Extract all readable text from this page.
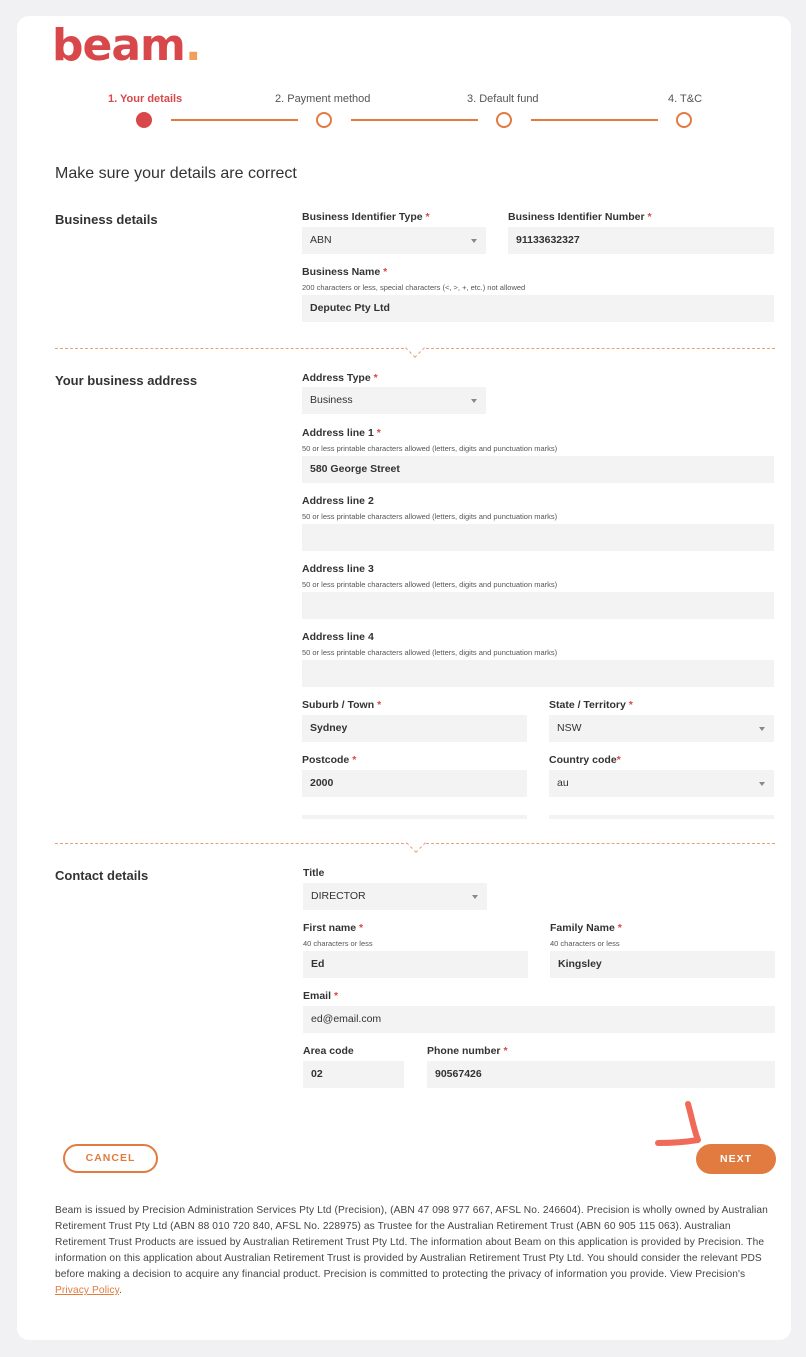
beam.
1. Your details	2. Payment method	3. Default fund	4. T&C
Make sure your details are correct
Business details	Business Identifier Type *
ABN
Business Identifier Number *
91133632327
Business Name *
200 characters or less, special characters (<, >, +, etc.) not allowed
Deputec Pty Ltd
Your business address	Address Type *
Business
Address line 1 *
50 or less printable characters allowed (letters, digits and punctuation marks)
580 George Street
Address line 2
50 or less printable characters allowed (letters, digits and punctuation marks)
Address line 3
50 or less printable characters allowed (letters, digits and punctuation marks)
Address line 4
50 or less printable characters allowed (letters, digits and punctuation marks)
Suburb / Town *
Sydney
State / Territory *
NSW
Postcode *
2000
Country code*
au
Contact details	Title
DIRECTOR
First name *
40 characters or less
Ed
Family Name *
40 characters or less
Kingsley
Email *
ed@email.com
Area code
02
Phone number *
90567426
CANCEL	NEXT
Beam is issued by Precision Administration Services Pty Ltd (Precision), (ABN 47 098 977 667, AFSL No. 246604). Precision is wholly owned by Australian Retirement Trust Pty Ltd (ABN 88 010 720 840, AFSL No. 228975) as Trustee for the Australian Retirement Trust (ABN 60 905 115 063). Australian Retirement Trust Products are issued by Australian Retirement Trust Pty Ltd. The information about Beam on this application is provided by Precision. The information on this application about Australian Retirement Trust is provided by Australian Retirement Trust Pty Ltd. You should consider the relevant PDS before making a decision to acquire any financial product. Precision is committed to protecting the privacy of information you provide. View Precision's Privacy Policy.
